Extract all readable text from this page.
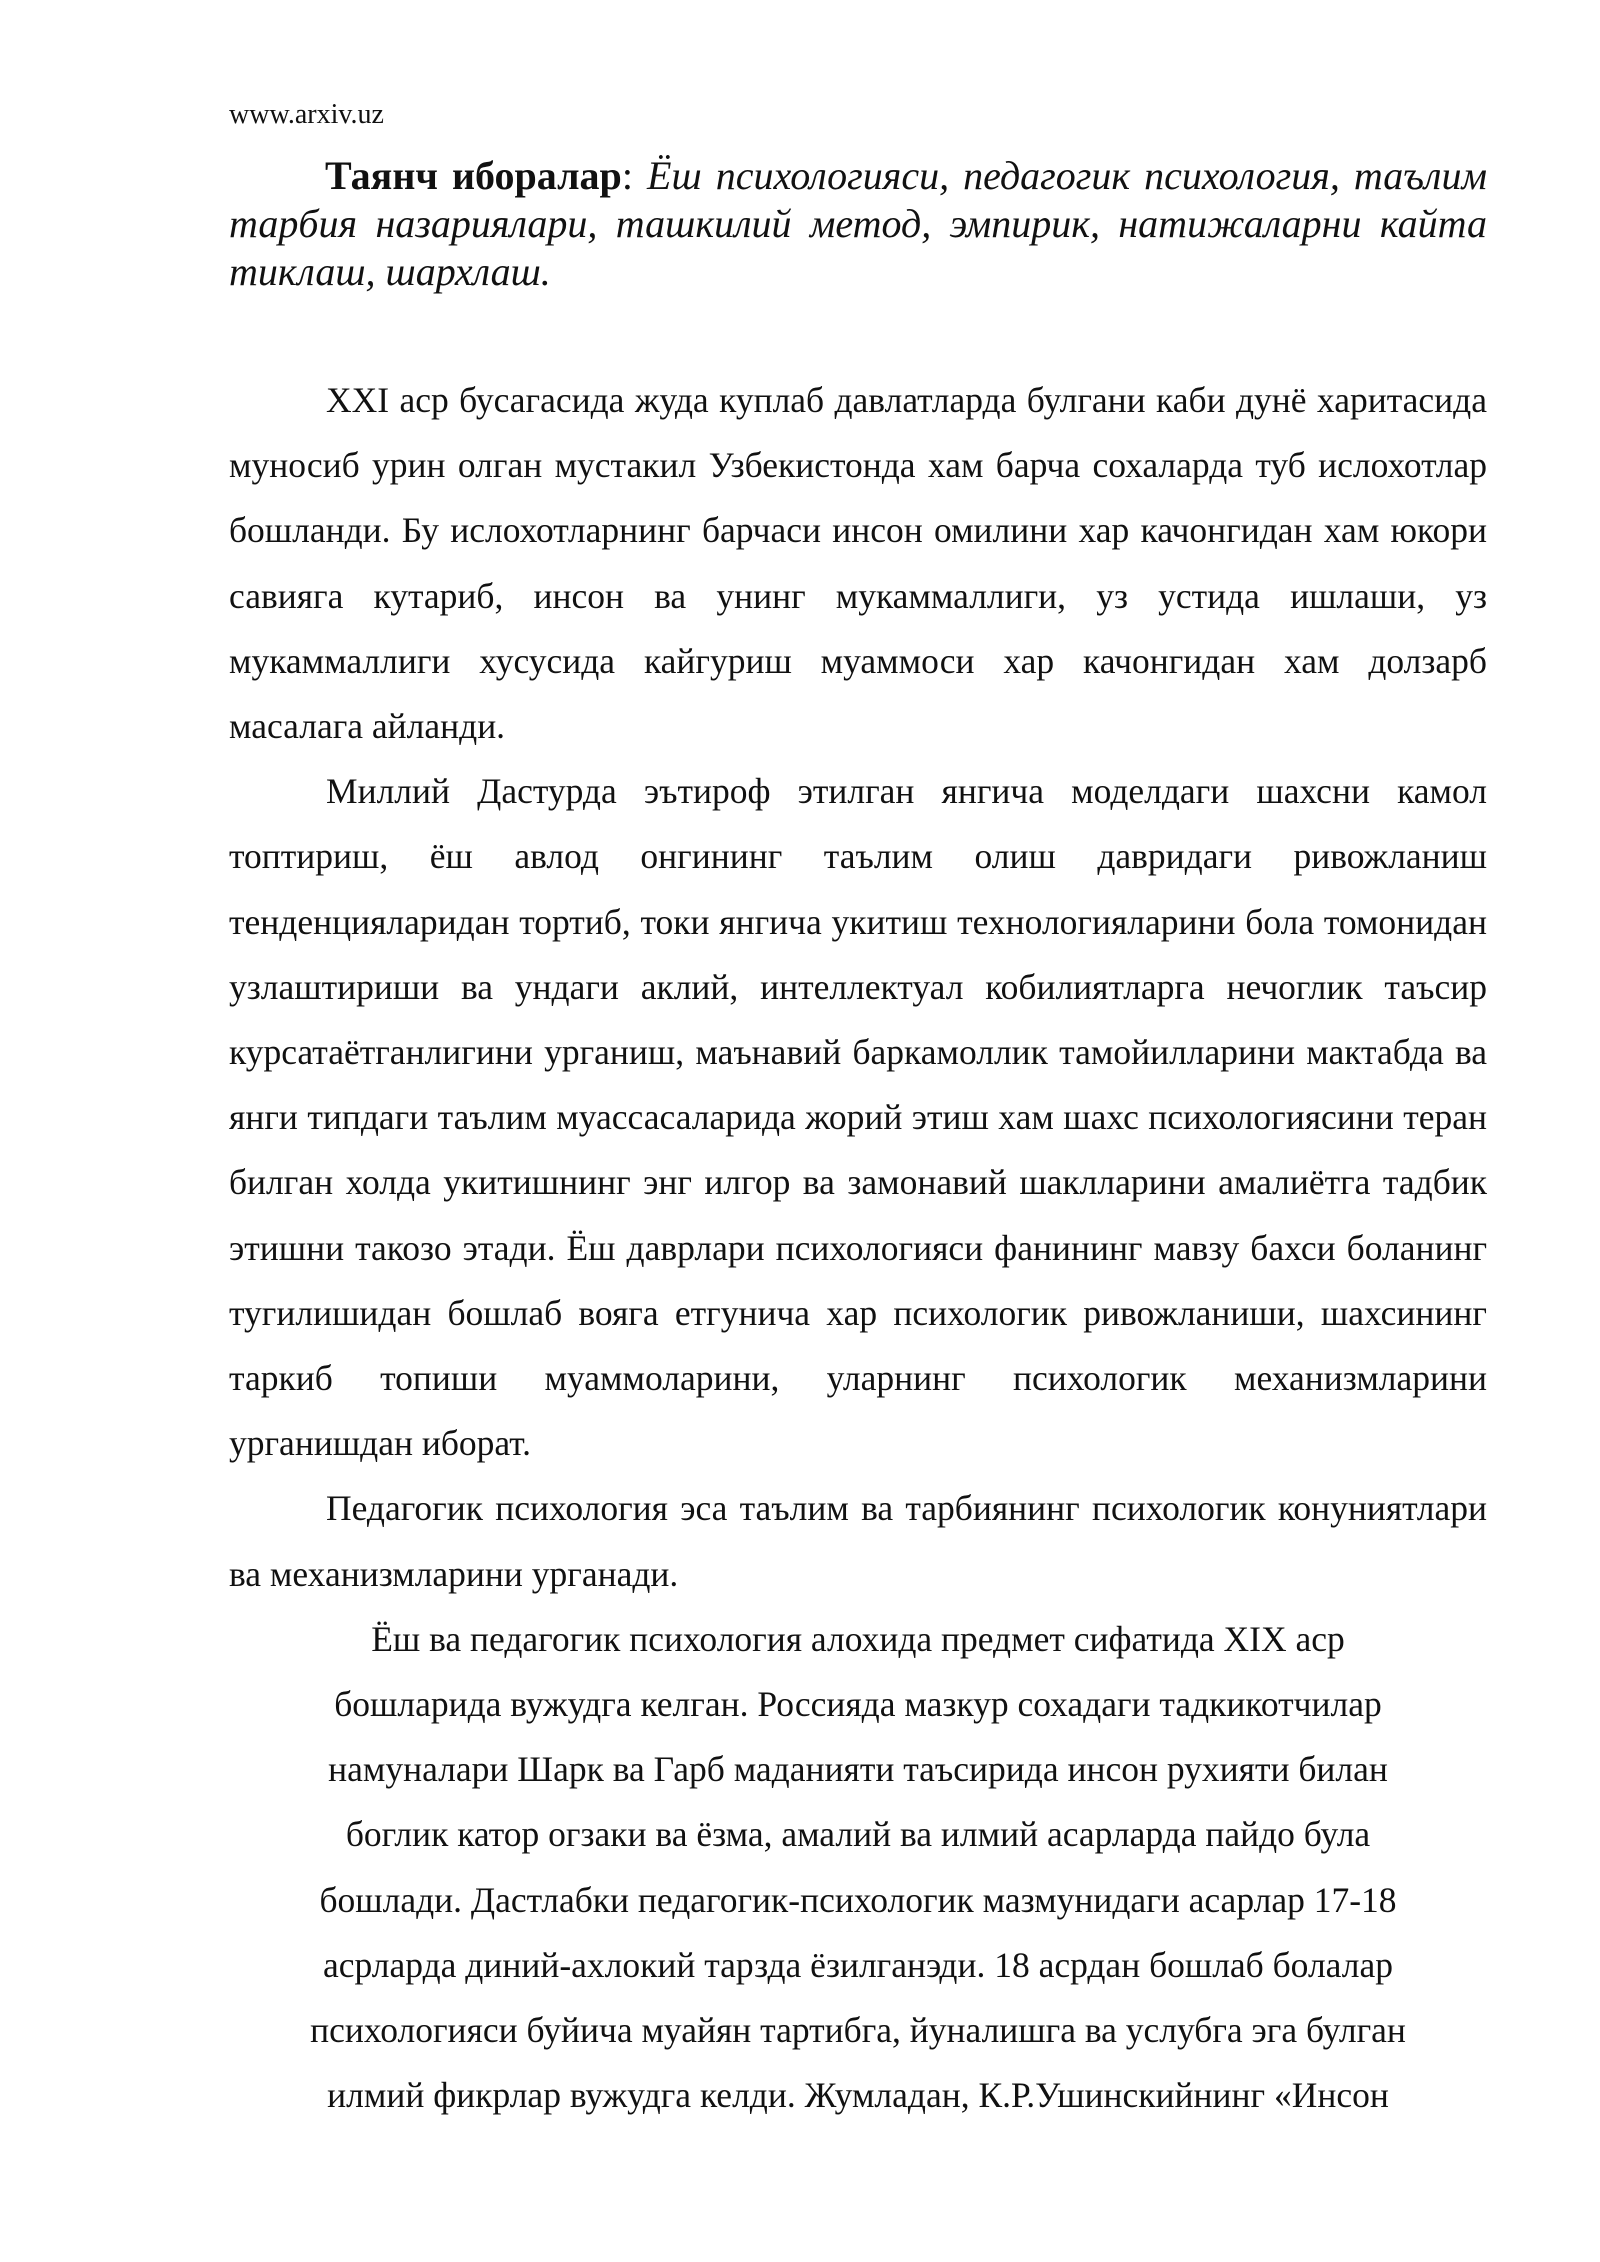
www.arxiv.uz

Таянч иборалар: Ёш психологияси, педагогик психология, таълим тарбия назариялари, ташкилий метод, эмпирик, натижаларни кайта тиклаш, шархлаш.

XXI аср бусагасида жуда куплаб давлатларда булгани каби дунё харитасида муносиб урин олган мустакил Узбекистонда хам барча сохаларда туб ислохотлар бошланди. Бу ислохотларнинг барчаси инсон омилини хар качонгидан хам юкори савияга кутариб, инсон ва унинг мукаммаллиги, уз устида ишлаши, уз мукаммаллиги хусусида кайгуриш муаммоси хар качонгидан хам долзарб масалага айланди.

Миллий Дастурда эътироф этилган янгича моделдаги шахсни камол топтириш, ёш авлод онгининг таълим олиш давридаги ривожланиш тенденцияларидан тортиб, токи янгича укитиш технологияларини бола томонидан узлаштириши ва ундаги аклий, интеллектуал кобилиятларга нечоглик таъсир курсатаётганлигини урганиш, маънавий баркамоллик тамойилларини мактабда ва янги типдаги таълим муассасаларида жорий этиш хам шахс психологиясини теран билган холда укитишнинг энг илгор ва замонавий шаклларини амалиётга тадбик этишни такозо этади. Ёш даврлари психологияси фанининг мавзу бахси боланинг тугилишидан бошлаб вояга етгунича хар психологик ривожланиши, шахсининг таркиб топиши муаммоларини, уларнинг психологик механизмларини урганишдан иборат.

Педагогик психология эса таълим ва тарбиянинг психологик конуниятлари ва механизмларини урганади.

Ёш ва педагогик психология алохида предмет сифатида XIX аср
бошларида вужудга келган. Россияда мазкур сохадаги тадкикотчилар
намуналари Шарк ва Гарб маданияти таъсирида инсон рухияти билан
боглик катор огзаки ва ёзма, амалий ва илмий асарларда пайдо була
бошлади. Дастлабки педагогик-психологик мазмунидаги асарлар 17-18
асрларда диний-ахлокий тарзда ёзилганэди. 18 асрдан бошлаб болалар
психологияси буйича муайян тартибга, йуналишга ва услубга эга булган
илмий фикрлар вужудга келди. Жумладан, К.Р.Ушинскийнинг «Инсон
